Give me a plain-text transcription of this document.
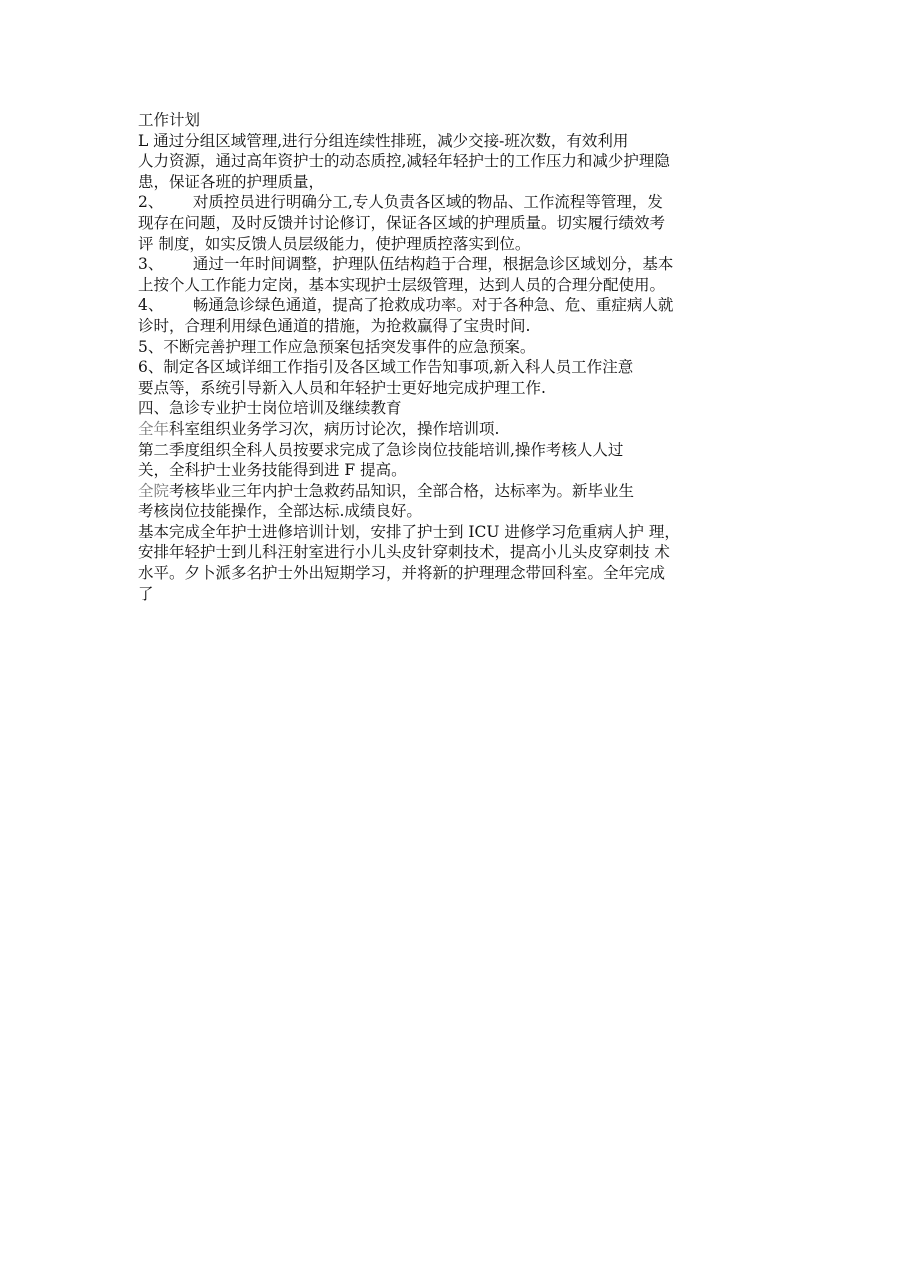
工作计划
L 通过分组区域管理,进行分组连续性排班，减少交接-班次数，有效利用
人力资源，通过高年资护士的动态质控,减轻年轻护士的工作压力和减少护理隐
患，保证各班的护理质量，
2、      对质控员进行明确分工,专人负责各区域的物品、工作流程等管理，发
现存在问题，及时反馈并讨论修订，保证各区域的护理质量。切实履行绩效考
评 制度，如实反馈人员层级能力，使护理质控落实到位。
3、      通过一年时间调整，护理队伍结构趋于合理，根据急诊区域划分，基本
上按个人工作能力定岗，基本实现护士层级管理，达到人员的合理分配使用。
4、      畅通急诊绿色通道，提高了抢救成功率。对于各种急、危、重症病人就
诊时，合理利用绿色通道的措施，为抢救赢得了宝贵时间.
5、不断完善护理工作应急预案包括突发事件的应急预案。
6、制定各区域详细工作指引及各区域工作告知事项,新入科人员工作注意
要点等，系统引导新入人员和年轻护士更好地完成护理工作.
四、急诊专业护士岗位培训及继续教育
全年科室组织业务学习次，病历讨论次，操作培训项.
第二季度组织全科人员按要求完成了急诊岗位技能培训,操作考核人人过
关，全科护士业务技能得到进 F 提高。
全院考核毕业三年内护士急救药品知识，全部合格，达标率为。新毕业生
考核岗位技能操作，全部达标.成绩良好。
基本完成全年护士进修培训计划，安排了护士到 ICU 进修学习危重病人护 理，
安排年轻护士到儿科汪射室进行小儿头皮针穿刺技术，提高小儿头皮穿刺技 术
水平。夕卜派多名护士外出短期学习，并将新的护理理念带回科室。全年完成
了
